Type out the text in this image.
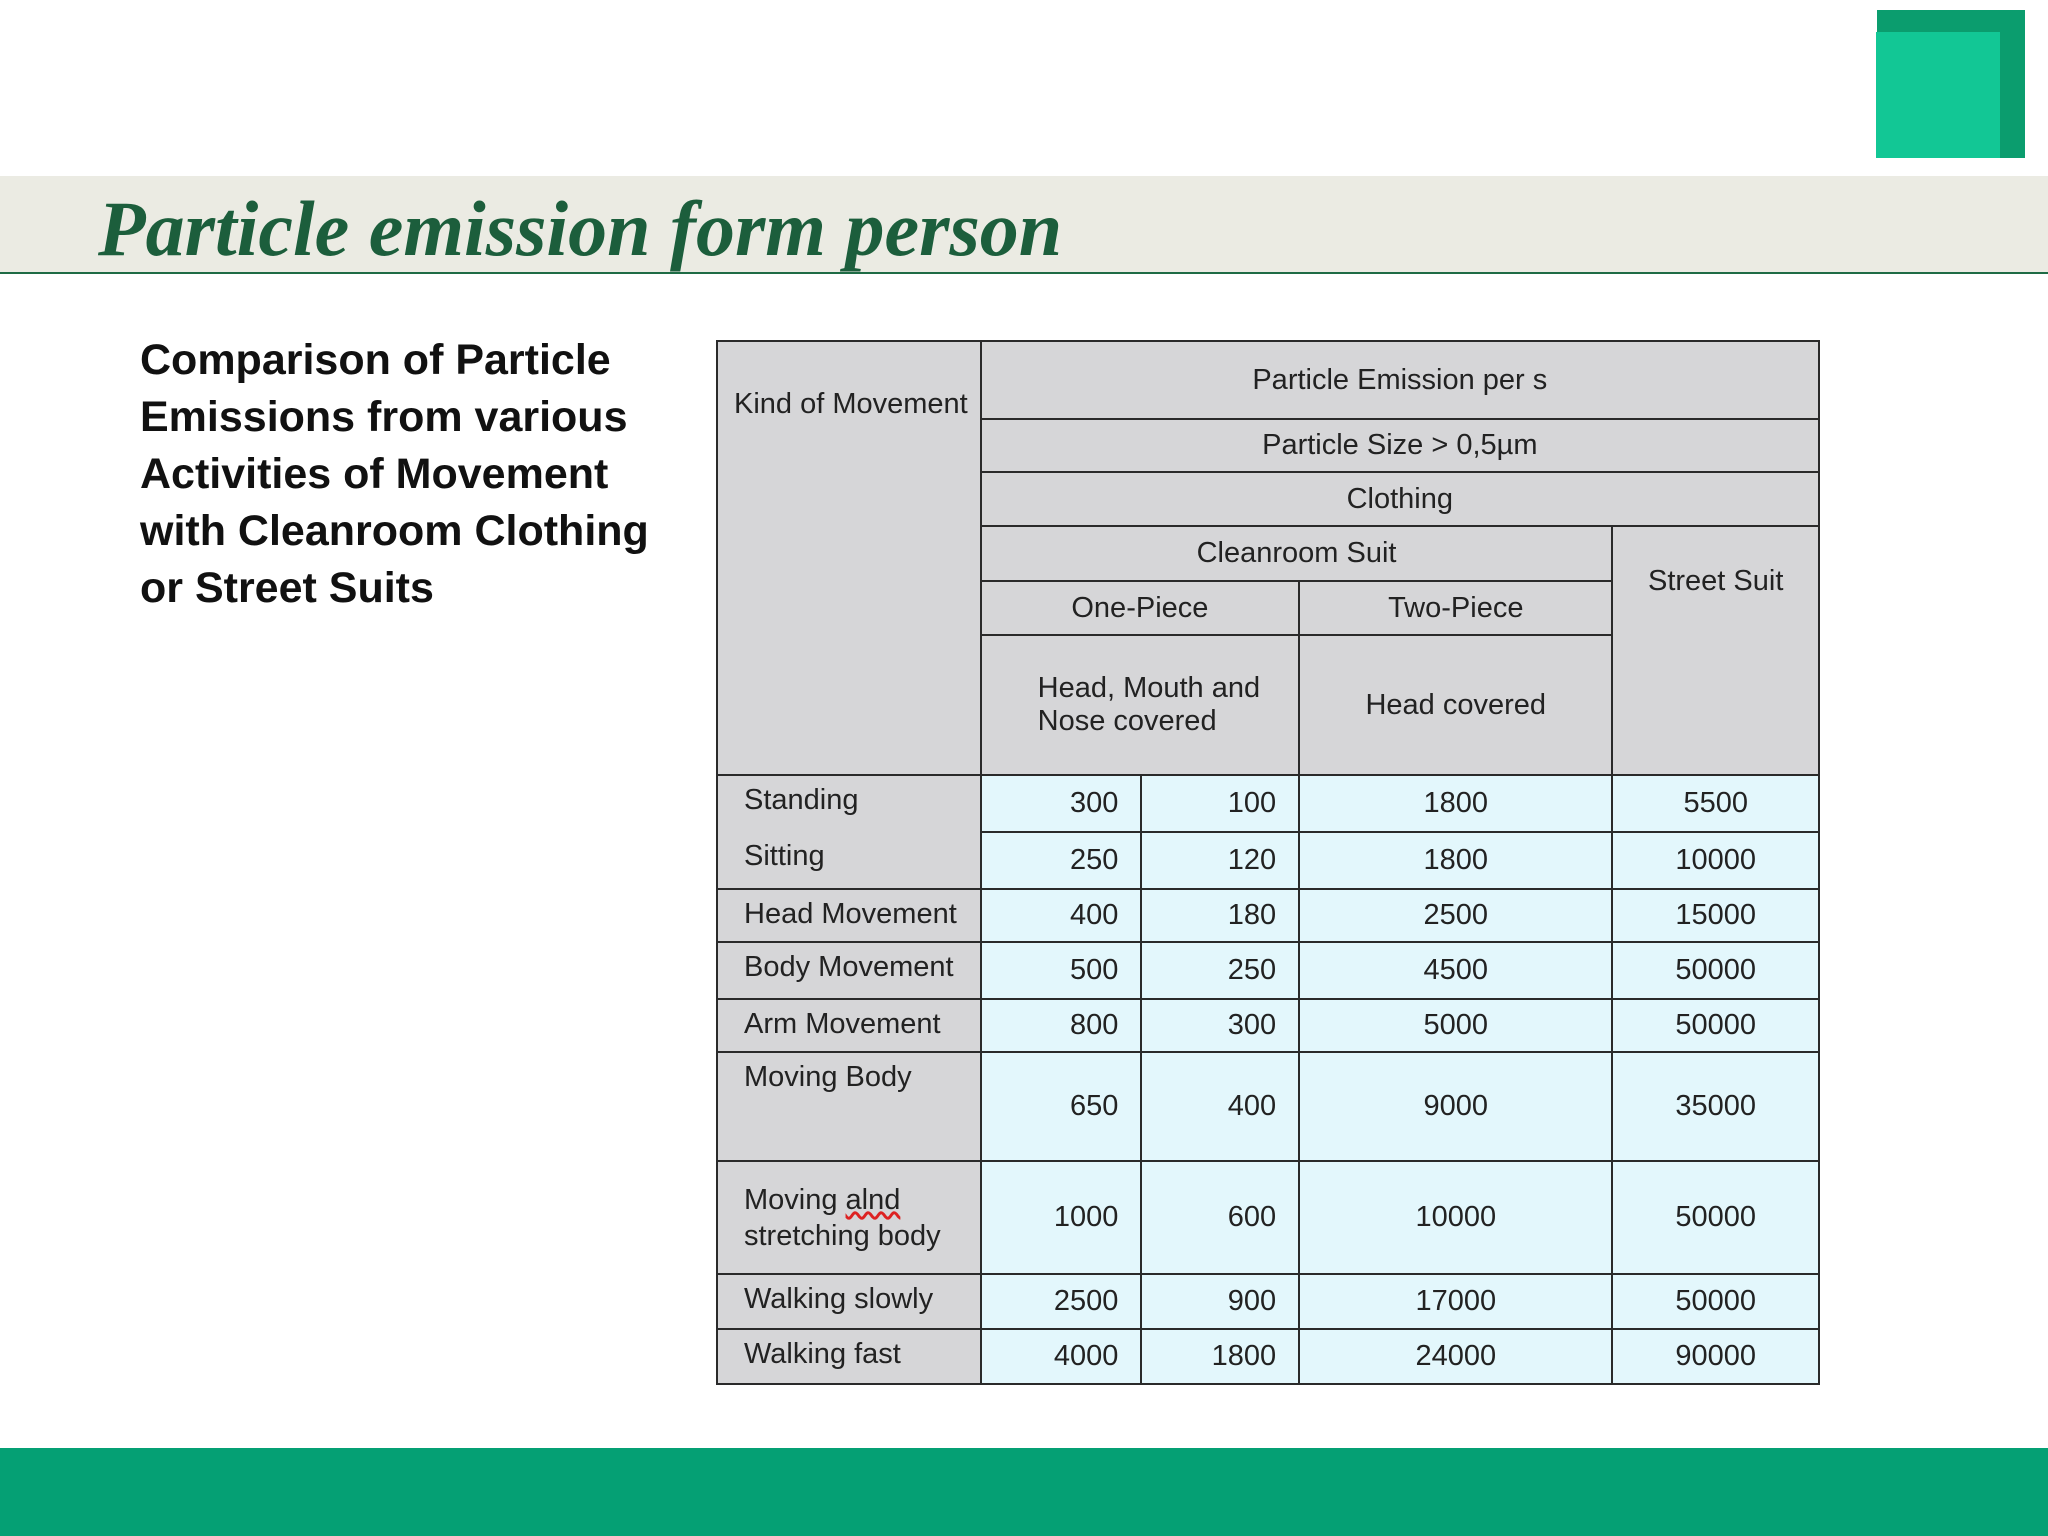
Particle emission form person

Comparison of Particle
Emissions from various
Activities of Movement
with Cleanroom Clothing
or Street Suits

Kind of Movement	Particle Emission per s			
	Particle Size > 0,5µm			
	Clothing			
	Cleanroom Suit			Street Suit
	One-Piece		Two-Piece	
	Head, Mouth and Nose covered		Head covered	
Standing	300	100	1800	5500
Sitting	250	120	1800	10000
Head Movement	400	180	2500	15000
Body Movement	500	250	4500	50000
Arm Movement	800	300	5000	50000
Moving Body	650	400	9000	35000
Moving alnd stretching body	1000	600	10000	50000
Walking slowly	2500	900	17000	50000
Walking fast	4000	1800	24000	90000
